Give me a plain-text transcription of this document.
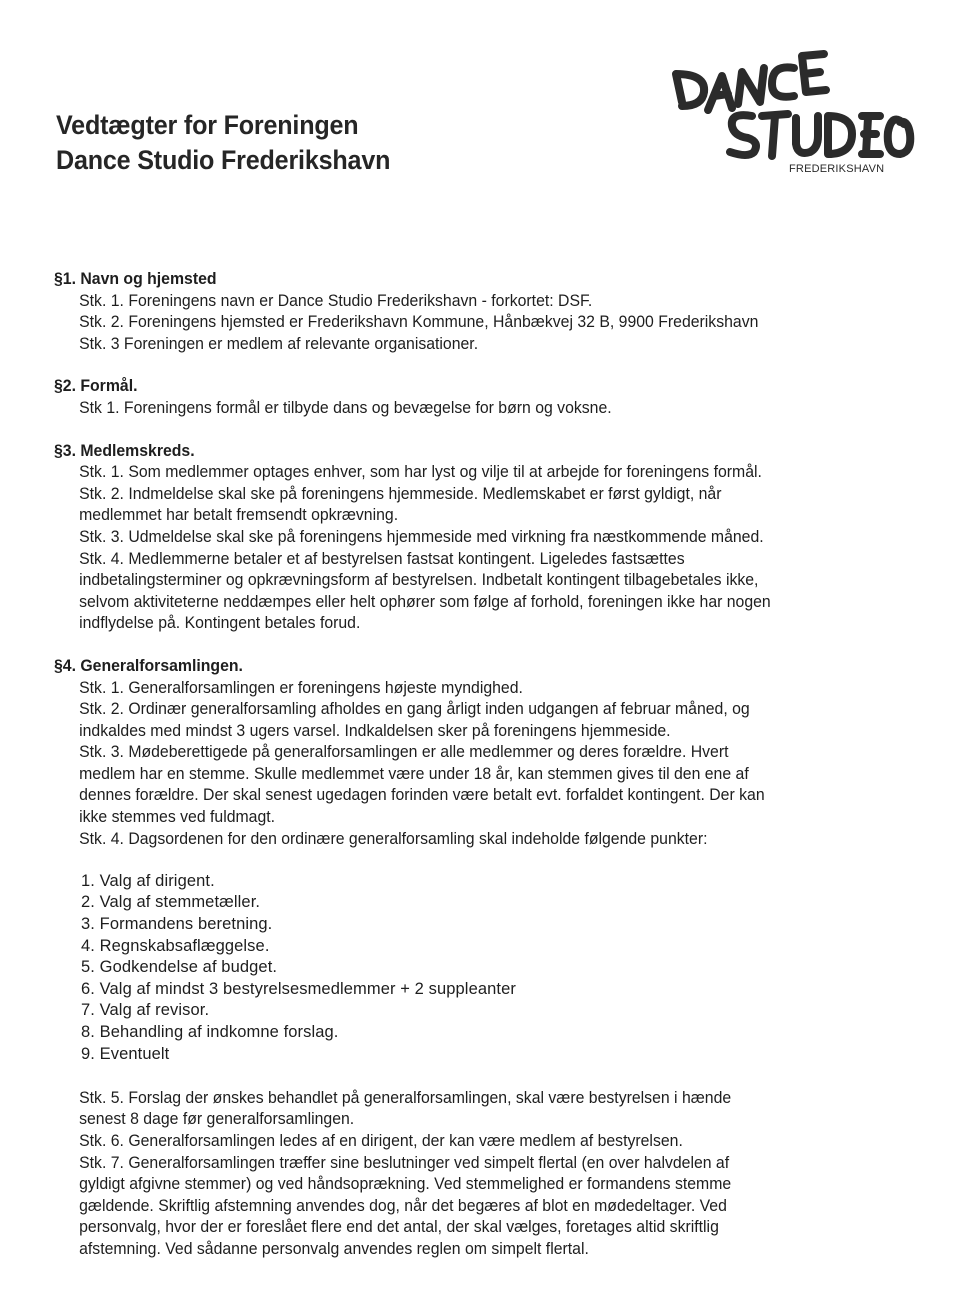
Vedtægter for Foreningen
Dance Studio Frederikshavn	FREDERIKSHAVN
§1. Navn og hjemsted
Stk. 1. Foreningens navn er Dance Studio Frederikshavn - forkortet: DSF.
Stk. 2. Foreningens hjemsted er Frederikshavn Kommune, Hånbækvej 32 B, 9900 Frederikshavn
Stk. 3 Foreningen er medlem af relevante organisationer.
§2. Formål.
Stk 1. Foreningens formål er tilbyde dans og bevægelse for børn og voksne.
§3. Medlemskreds.
Stk. 1. Som medlemmer optages enhver, som har lyst og vilje til at arbejde for foreningens formål.
Stk. 2. Indmeldelse skal ske på foreningens hjemmeside. Medlemskabet er først gyldigt, når
medlemmet har betalt fremsendt opkrævning.
Stk. 3. Udmeldelse skal ske på foreningens hjemmeside med virkning fra næstkommende måned.
Stk. 4. Medlemmerne betaler et af bestyrelsen fastsat kontingent. Ligeledes fastsættes
indbetalingsterminer og opkrævningsform af bestyrelsen. Indbetalt kontingent tilbagebetales ikke,
selvom aktiviteterne neddæmpes eller helt ophører som følge af forhold, foreningen ikke har nogen
indflydelse på. Kontingent betales forud.
§4. Generalforsamlingen.
Stk. 1. Generalforsamlingen er foreningens højeste myndighed.
Stk. 2. Ordinær generalforsamling afholdes en gang årligt inden udgangen af februar måned, og
indkaldes med mindst 3 ugers varsel. Indkaldelsen sker på foreningens hjemmeside.
Stk. 3. Mødeberettigede på generalforsamlingen er alle medlemmer og deres forældre. Hvert
medlem har en stemme. Skulle medlemmet være under 18 år, kan stemmen gives til den ene af
dennes forældre. Der skal senest ugedagen forinden være betalt evt. forfaldet kontingent. Der kan
ikke stemmes ved fuldmagt.
Stk. 4. Dagsordenen for den ordinære generalforsamling skal indeholde følgende punkter:
1. Valg af dirigent.
2. Valg af stemmetæller.
3. Formandens beretning.
4. Regnskabsaflæggelse.
5. Godkendelse af budget.
6. Valg af mindst 3 bestyrelsesmedlemmer + 2 suppleanter
7. Valg af revisor.
8. Behandling af indkomne forslag.
9. Eventuelt
Stk. 5. Forslag der ønskes behandlet på generalforsamlingen, skal være bestyrelsen i hænde
senest 8 dage før generalforsamlingen.
Stk. 6. Generalforsamlingen ledes af en dirigent, der kan være medlem af bestyrelsen.
Stk. 7. Generalforsamlingen træffer sine beslutninger ved simpelt flertal (en over halvdelen af
gyldigt afgivne stemmer) og ved håndsoprækning. Ved stemmelighed er formandens stemme
gældende. Skriftlig afstemning anvendes dog, når det begæres af blot en mødedeltager. Ved
personvalg, hvor der er foreslået flere end det antal, der skal vælges, foretages altid skriftlig
afstemning. Ved sådanne personvalg anvendes reglen om simpelt flertal.
